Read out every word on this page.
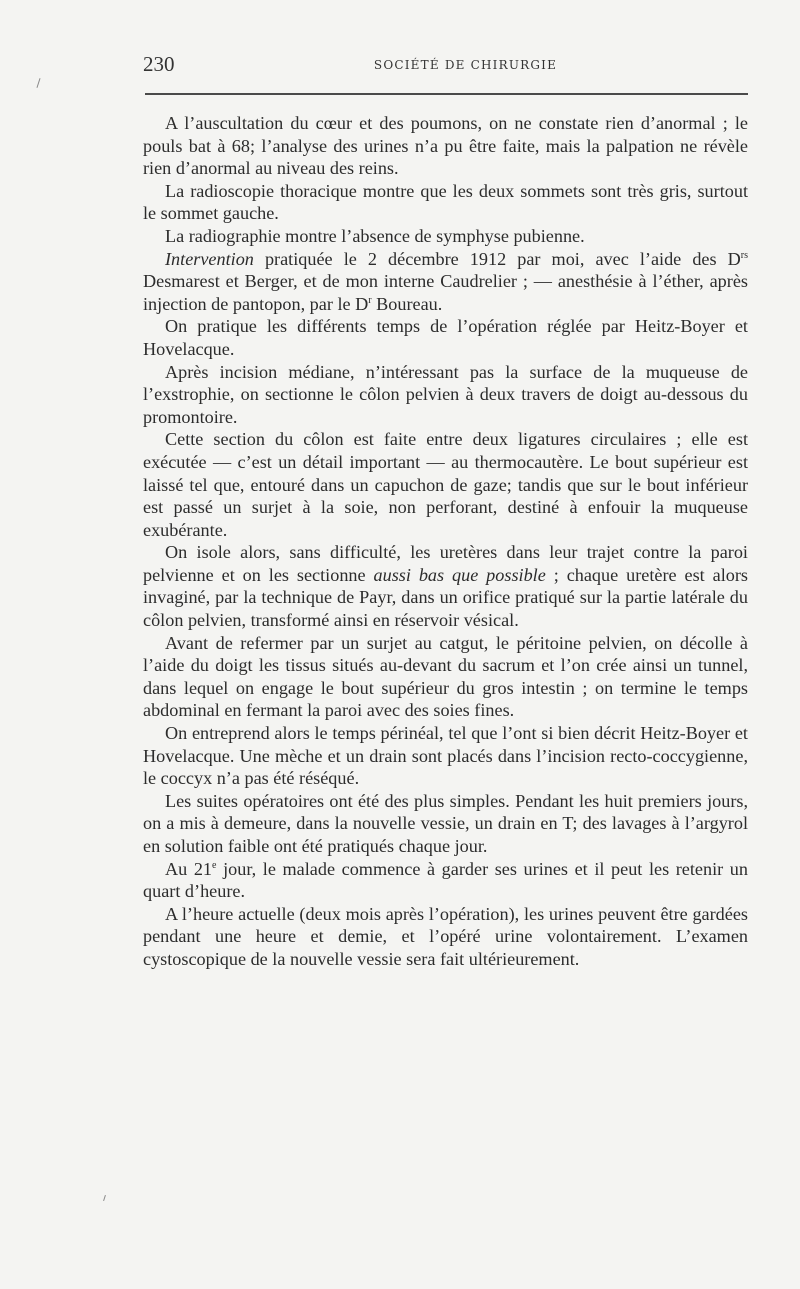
230	SOCIÉTÉ DE CHIRURGIE

A l’auscultation du cœur et des poumons, on ne constate rien d’anormal ; le pouls bat à 68; l’analyse des urines n’a pu être faite, mais la palpation ne révèle rien d’anormal au niveau des reins.

La radioscopie thoracique montre que les deux sommets sont très gris, surtout le sommet gauche.

La radiographie montre l’absence de symphyse pubienne.

Intervention pratiquée le 2 décembre 1912 par moi, avec l’aide des $D^{rs}$ Desmarest et Berger, et de mon interne Caudrelier ; — anesthésie à l’éther, après injection de pantopon, par le $D^r$ Boureau.

On pratique les différents temps de l’opération réglée par Heitz-Boyer et Hovelacque.

Après incision médiane, n’intéressant pas la surface de la muqueuse de l’exstrophie, on sectionne le côlon pelvien à deux travers de doigt au-dessous du promontoire.

Cette section du côlon est faite entre deux ligatures circulaires ; elle est exécutée — c’est un détail important — au thermocautère. Le bout supérieur est laissé tel que, entouré dans un capuchon de gaze; tandis que sur le bout inférieur est passé un surjet à la soie, non perforant, destiné à enfouir la muqueuse exubérante.

On isole alors, sans difficulté, les uretères dans leur trajet contre la paroi pelvienne et on les sectionne aussi bas que possible ; chaque uretère est alors invaginé, par la technique de Payr, dans un orifice pratiqué sur la partie latérale du côlon pelvien, transformé ainsi en réservoir vésical.

Avant de refermer par un surjet au catgut, le péritoine pelvien, on décolle à l’aide du doigt les tissus situés au-devant du sacrum et l’on crée ainsi un tunnel, dans lequel on engage le bout supérieur du gros intestin ; on termine le temps abdominal en fermant la paroi avec des soies fines.

On entreprend alors le temps périnéal, tel que l’ont si bien décrit Heitz-Boyer et Hovelacque. Une mèche et un drain sont placés dans l’incision recto-coccygienne, le coccyx n’a pas été réséqué.

Les suites opératoires ont été des plus simples. Pendant les huit premiers jours, on a mis à demeure, dans la nouvelle vessie, un drain en T; des lavages à l’argyrol en solution faible ont été pratiqués chaque jour.

Au 21e jour, le malade commence à garder ses urines et il peut les retenir un quart d’heure.

A l’heure actuelle (deux mois après l’opération), les urines peuvent être gardées pendant une heure et demie, et l’opéré urine volontairement. L’examen cystoscopique de la nouvelle vessie sera fait ultérieurement.
